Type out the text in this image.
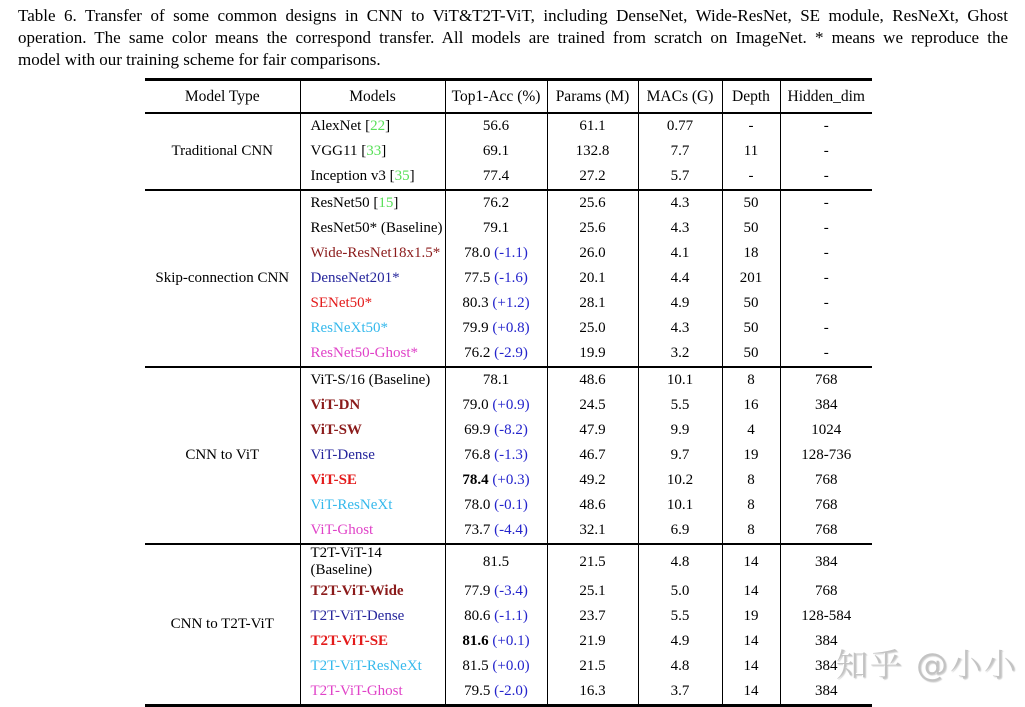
Table 6. Transfer of some common designs in CNN to ViT&T2T-ViT, including DenseNet, Wide-ResNet, SE module, ResNeXt, Ghost
operation. The same color means the correspond transfer. All models are trained from scratch on ImageNet. * means we reproduce the
model with our training scheme for fair comparisons.
Model Type	Models	Top1-Acc (%)	Params (M)	MACs (G)	Depth	Hidden_dim
Traditional CNN	AlexNet [22]	56.6	61.1	0.77	-	-
	VGG11 [33]	69.1	132.8	7.7	11	-
	Inception v3 [35]	77.4	27.2	5.7	-	-
Skip-connection CNN	ResNet50 [15]	76.2	25.6	4.3	50	-
	ResNet50* (Baseline)	79.1	25.6	4.3	50	-
	Wide-ResNet18x1.5*	78.0 (-1.1)	26.0	4.1	18	-
	DenseNet201*	77.5 (-1.6)	20.1	4.4	201	-
	SENet50*	80.3 (+1.2)	28.1	4.9	50	-
	ResNeXt50*	79.9 (+0.8)	25.0	4.3	50	-
	ResNet50-Ghost*	76.2 (-2.9)	19.9	3.2	50	-
CNN to ViT	ViT-S/16 (Baseline)	78.1	48.6	10.1	8	768
	ViT-DN	79.0 (+0.9)	24.5	5.5	16	384
	ViT-SW	69.9 (-8.2)	47.9	9.9	4	1024
	ViT-Dense	76.8 (-1.3)	46.7	9.7	19	128-736
	ViT-SE	78.4 (+0.3)	49.2	10.2	8	768
	ViT-ResNeXt	78.0 (-0.1)	48.6	10.1	8	768
	ViT-Ghost	73.7 (-4.4)	32.1	6.9	8	768
CNN to T2T-ViT	T2T-ViT-14 (Baseline)	81.5	21.5	4.8	14	384
	T2T-ViT-Wide	77.9 (-3.4)	25.1	5.0	14	768
	T2T-ViT-Dense	80.6 (-1.1)	23.7	5.5	19	128-584
	T2T-ViT-SE	81.6 (+0.1)	21.9	4.9	14	384
	T2T-ViT-ResNeXt	81.5 (+0.0)	21.5	4.8	14	384
	T2T-ViT-Ghost	79.5 (-2.0)	16.3	3.7	14	384
知乎 @小小
